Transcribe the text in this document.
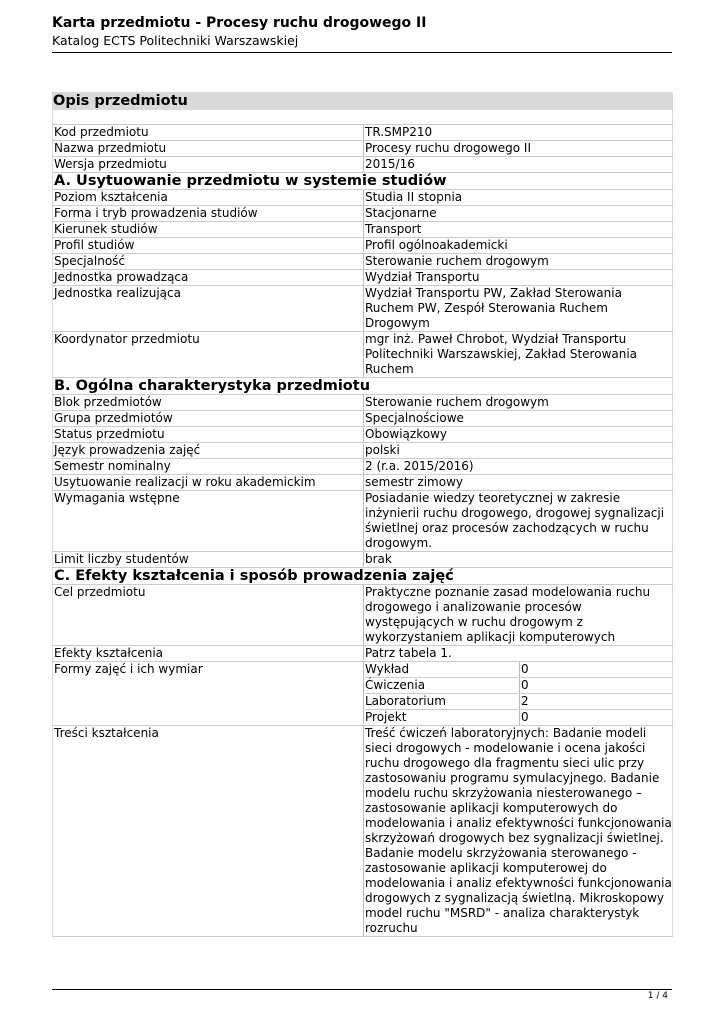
Karta przedmiotu - Procesy ruchu drogowego II
Katalog ECTS Politechniki Warszawskiej
Opis przedmiotu
Kod przedmiotu	TR.SMP210
Nazwa przedmiotu	Procesy ruchu drogowego II
Wersja przedmiotu	2015/16
A. Usytuowanie przedmiotu w systemie studiów
Poziom kształcenia	Studia II stopnia
Forma i tryb prowadzenia studiów	Stacjonarne
Kierunek studiów	Transport
Profil studiów	Profil ogólnoakademicki
Specjalność	Sterowanie ruchem drogowym
Jednostka prowadząca	Wydział Transportu
Jednostka realizująca	Wydział Transportu PW, Zakład Sterowania Ruchem PW, Zespół Sterowania Ruchem Drogowym
Koordynator przedmiotu	mgr inż. Paweł Chrobot, Wydział Transportu Politechniki Warszawskiej, Zakład Sterowania Ruchem
B. Ogólna charakterystyka przedmiotu
Blok przedmiotów	Sterowanie ruchem drogowym
Grupa przedmiotów	Specjalnościowe
Status przedmiotu	Obowiązkowy
Język prowadzenia zajęć	polski
Semestr nominalny	2 (r.a. 2015/2016)
Usytuowanie realizacji w roku akademickim	semestr zimowy
Wymagania wstępne	Posiadanie wiedzy teoretycznej w zakresie inżynierii ruchu drogowego, drogowej sygnalizacji świetlnej oraz procesów zachodzących w ruchu drogowym.
Limit liczby studentów	brak
C. Efekty kształcenia i sposób prowadzenia zajęć
Cel przedmiotu	Praktyczne poznanie zasad modelowania ruchu drogowego i analizowanie procesów występujących w ruchu drogowym z wykorzystaniem aplikacji komputerowych
Efekty kształcenia	Patrz tabela 1.
Formy zajęć i ich wymiar	Wykład	0
Ćwiczenia	0
Laboratorium	2
Projekt	0
Treści kształcenia	Treść ćwiczeń laboratoryjnych: Badanie modeli sieci drogowych - modelowanie i ocena jakości ruchu drogowego dla fragmentu sieci ulic przy zastosowaniu programu symulacyjnego. Badanie modelu ruchu skrzyżowania niesterowanego – zastosowanie aplikacji komputerowych do modelowania i analiz efektywności funkcjonowania skrzyżowań drogowych bez sygnalizacji świetlnej. Badanie modelu skrzyżowania sterowanego - zastosowanie aplikacji komputerowej do modelowania i analiz efektywności funkcjonowania drogowych z sygnalizacją świetlną. Mikroskopowy model ruchu "MSRD" - analiza charakterystyk rozruchu
1 / 4
